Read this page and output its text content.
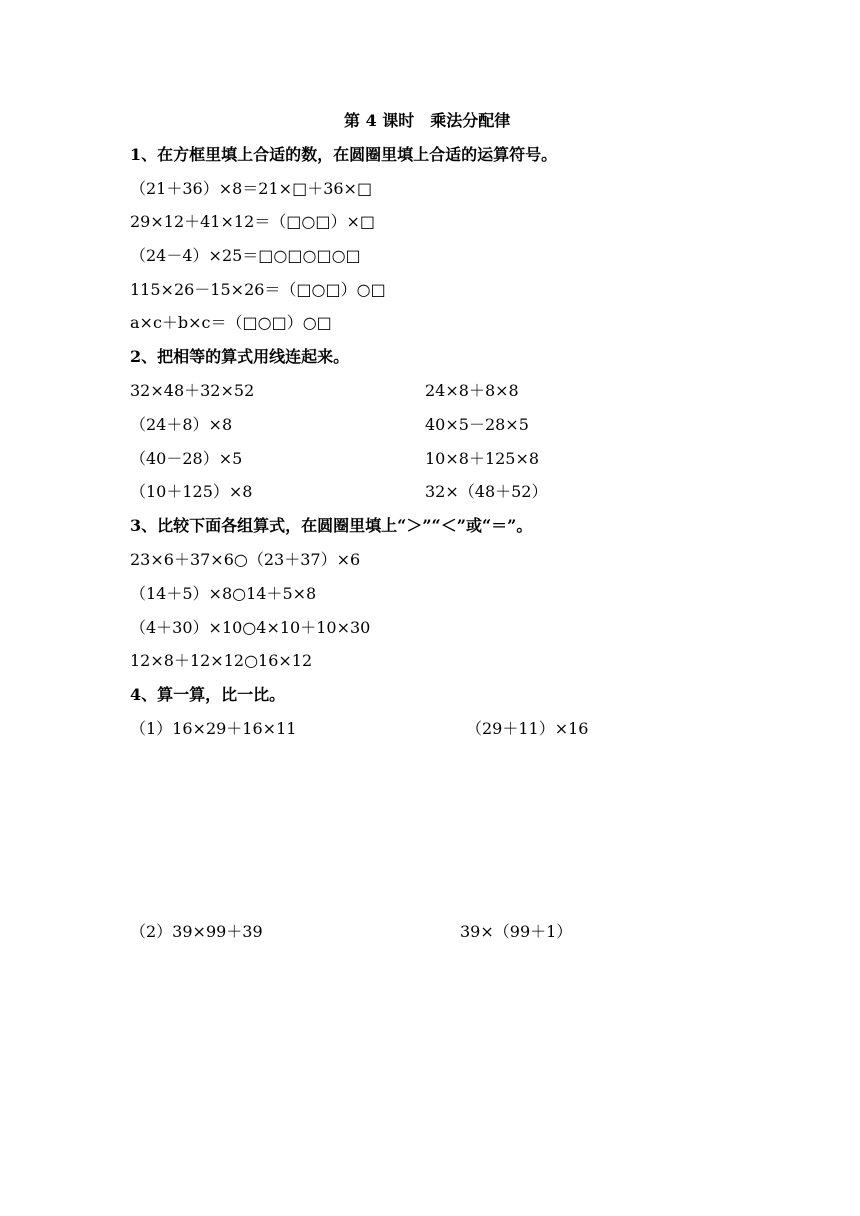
第 4 课时　乘法分配律
1、在方框里填上合适的数，在圆圈里填上合适的运算符号。
（21＋36）×8＝21×□＋36×□
29×12＋41×12＝（□○□）×□
（24－4）×25＝□○□○□○□
115×26－15×26＝（□○□）○□
a×c＋b×c＝（□○□）○□
2、把相等的算式用线连起来。
32×48＋32×52	24×8＋8×8
（24＋8）×8	40×5－28×5
（40－28）×5	10×8＋125×8
（10＋125）×8	32×（48＋52）
3、比较下面各组算式，在圆圈里填上“＞”“＜”或“＝”。
23×6＋37×6○（23＋37）×6
（14＋5）×8○14＋5×8
（4＋30）×10○4×10＋10×30
12×8＋12×12○16×12
4、算一算，比一比。
（1）16×29＋16×11	（29＋11）×16
（2）39×99＋39	39×（99＋1）
